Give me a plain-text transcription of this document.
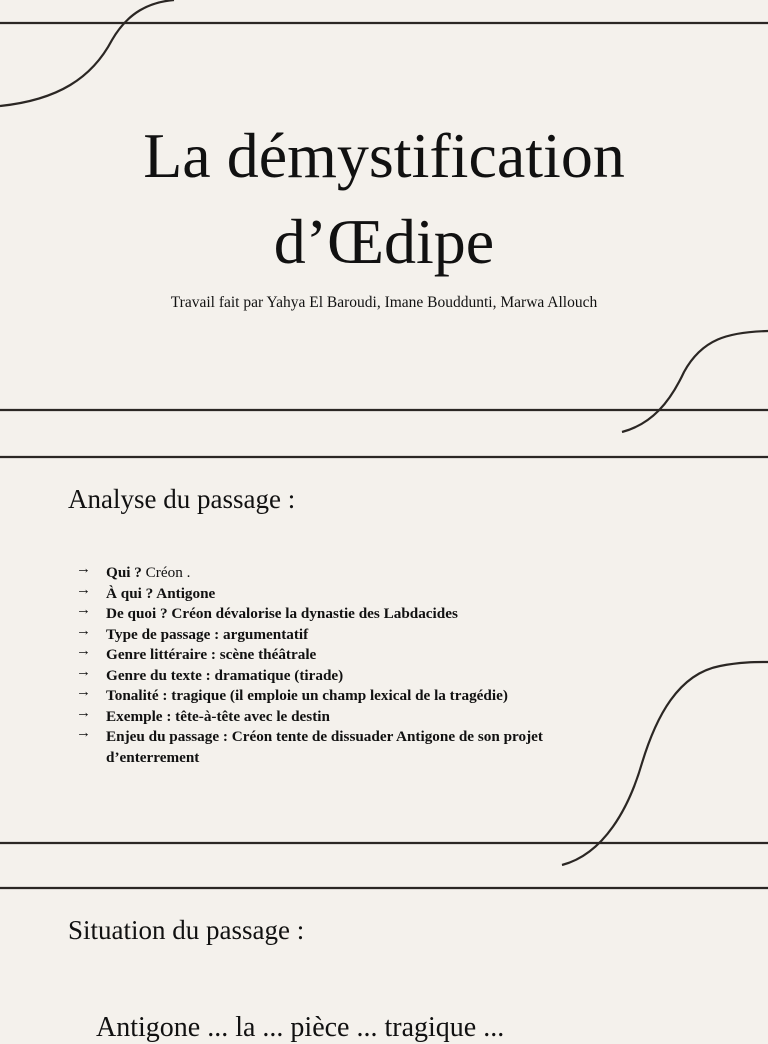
La démystification
d’Œdipe
Travail fait par Yahya El Baroudi, Imane Bouddunti, Marwa Allouch
Analyse du passage :
→ Qui ? Créon .
→ À qui ? Antigone
→ De quoi ? Créon dévalorise la dynastie des Labdacides
→ Type de passage : argumentatif
→ Genre littéraire : scène théâtrale
→ Genre du texte : dramatique (tirade)
→ Tonalité : tragique (il emploie un champ lexical de la tragédie)
→ Exemple : tête-à-tête avec le destin
→ Enjeu du passage : Créon tente de dissuader Antigone de son projet d’enterrement
Situation du passage :
Antigone ... la ... pièce ... tragique ...
